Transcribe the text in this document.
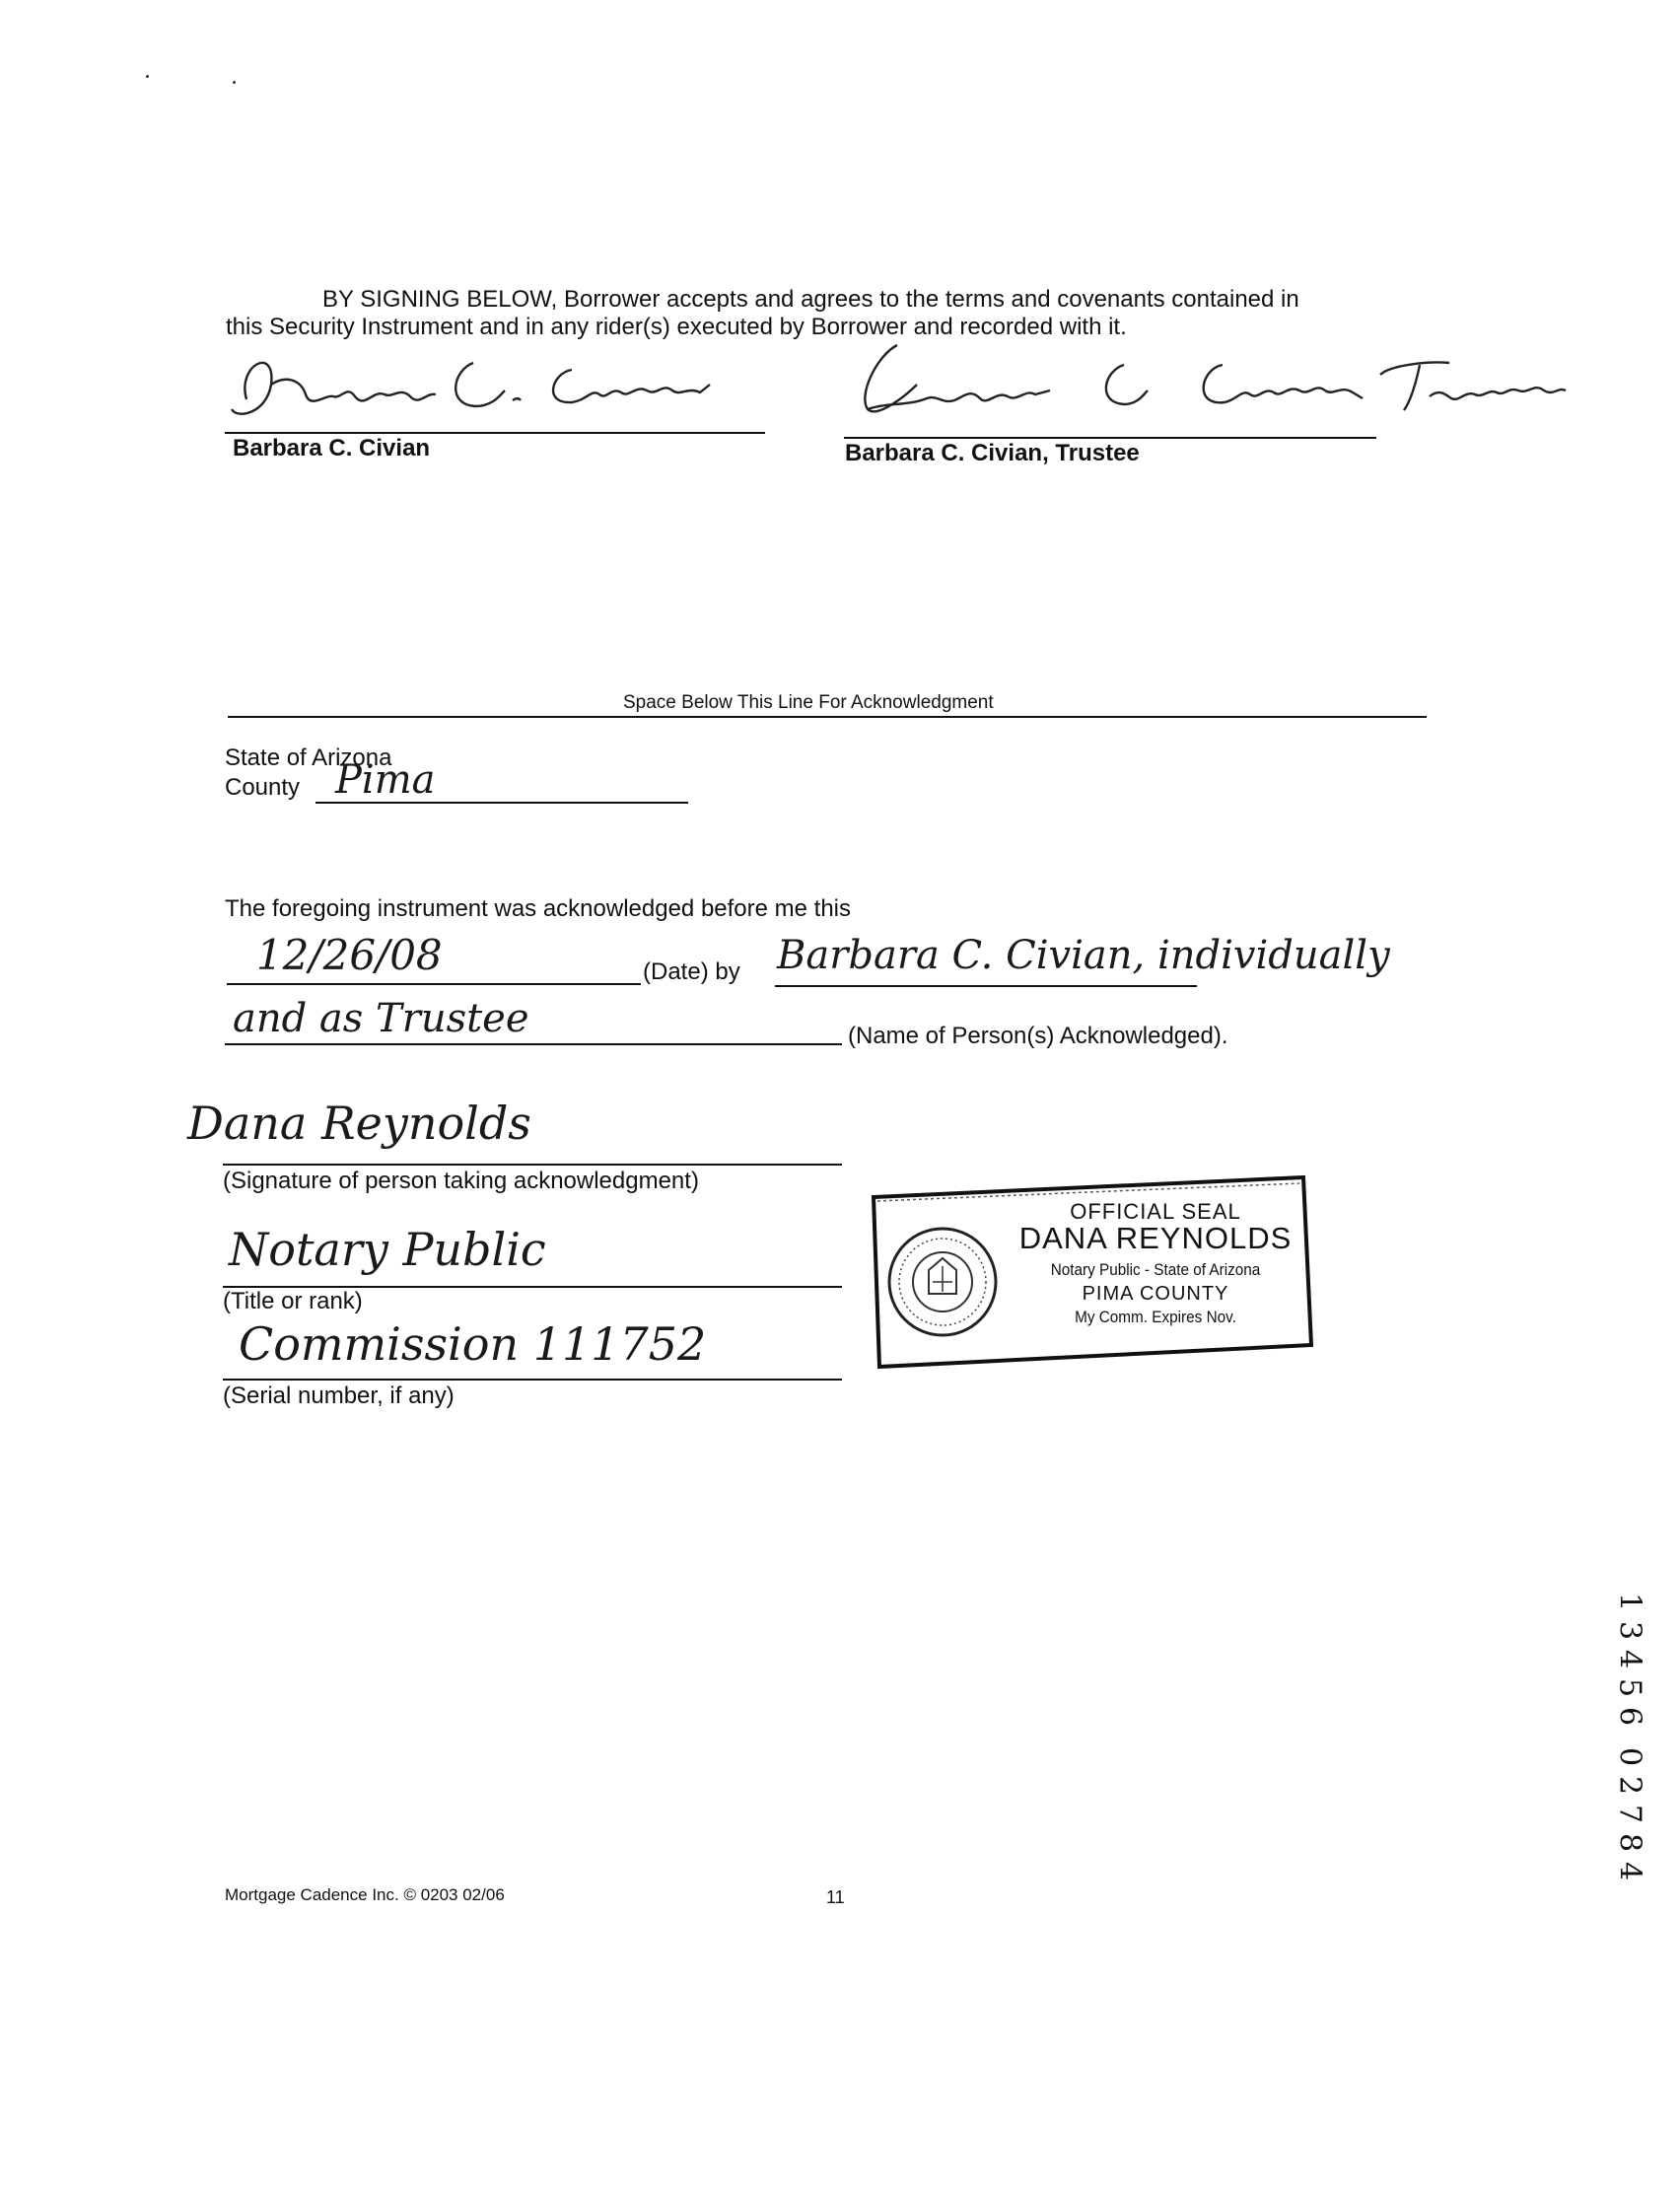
BY SIGNING BELOW, Borrower accepts and agrees to the terms and covenants contained in
this Security Instrument and in any rider(s) executed by Borrower and recorded with it.
Barbara C. Civian	Barbara C. Civian, Trustee
Space Below This Line For Acknowledgment
State of Arizona
County Pima
The foregoing instrument was acknowledged before me this
12/26/08	(Date) by Barbara C. Civian, individually
and as Trustee	(Name of Person(s) Acknowledged).
Dana Reynolds
(Signature of person taking acknowledgment)
Notary Public
(Title or rank)
Commission 111752
(Serial number, if any)
OFFICIAL SEAL
DANA REYNOLDS
Notary Public - State of Arizona
PIMA COUNTY
My Comm. Expires Nov.
Mortgage Cadence Inc. © 0203 02/06	11
1
3
4
5
6
0
2
7
8
4
